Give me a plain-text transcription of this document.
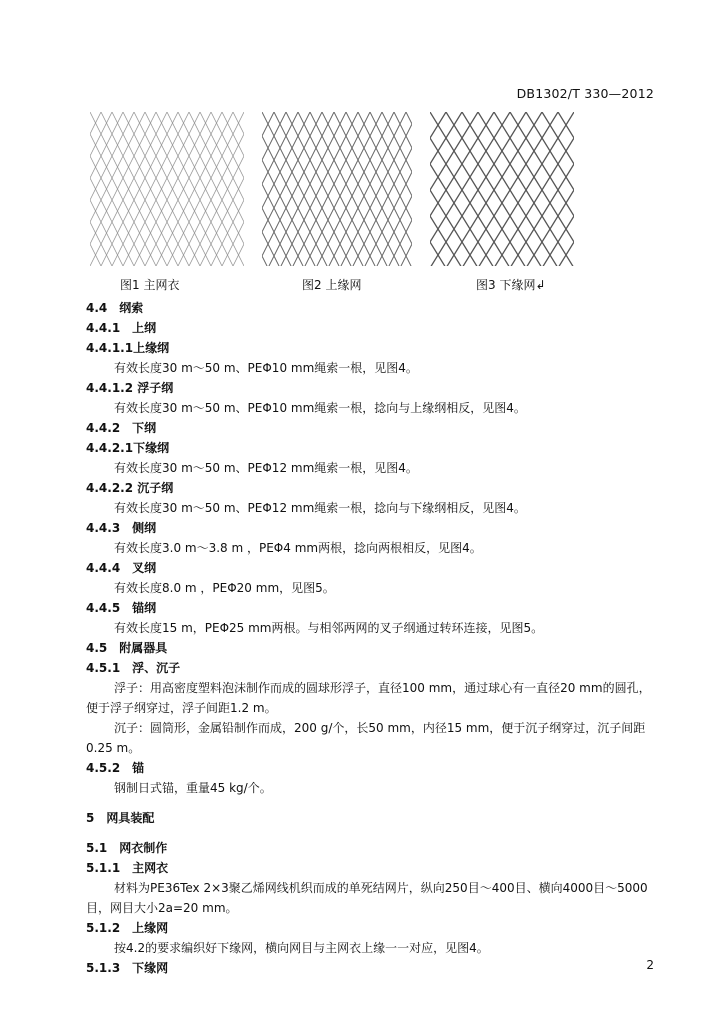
DB1302/T 330—2012
图1 主网衣	图2 上缘网	图3 下缘网↲
4.4　纲索
4.4.1　上纲
4.4.1.1上缘纲
有效长度30 m～50 m、PEΦ10 mm绳索一根，见图4。
4.4.1.2 浮子纲
有效长度30 m～50 m、PEΦ10 mm绳索一根，捻向与上缘纲相反，见图4。
4.4.2　下纲
4.4.2.1下缘纲
有效长度30 m～50 m、PEΦ12 mm绳索一根，见图4。
4.4.2.2 沉子纲
有效长度30 m～50 m、PEΦ12 mm绳索一根，捻向与下缘纲相反，见图4。
4.4.3　侧纲
有效长度3.0 m～3.8 m ，PEΦ4 mm两根，捻向两根相反，见图4。
4.4.4　叉纲
有效长度8.0 m ，PEΦ20 mm，见图5。
4.4.5　锚纲
有效长度15 m，PEΦ25 mm两根。与相邻两网的叉子纲通过转环连接，见图5。
4.5　附属器具
4.5.1　浮、沉子
浮子：用高密度塑料泡沫制作而成的圆球形浮子，直径100 mm，通过球心有一直径20 mm的圆孔，便于浮子纲穿过，浮子间距1.2 m。
沉子：圆筒形，金属铅制作而成，200 g/个，长50 mm，内径15 mm，便于沉子纲穿过，沉子间距0.25 m。
4.5.2　锚
钢制日式锚，重量45 kg/个。
5　网具装配
5.1　网衣制作
5.1.1　主网衣
材料为PE36Tex 2×3聚乙烯网线机织而成的单死结网片，纵向250目～400目、横向4000目～5000目，网目大小2a=20 mm。
5.1.2　上缘网
按4.2的要求编织好下缘网，横向网目与主网衣上缘一一对应，见图4。
5.1.3　下缘网	2
